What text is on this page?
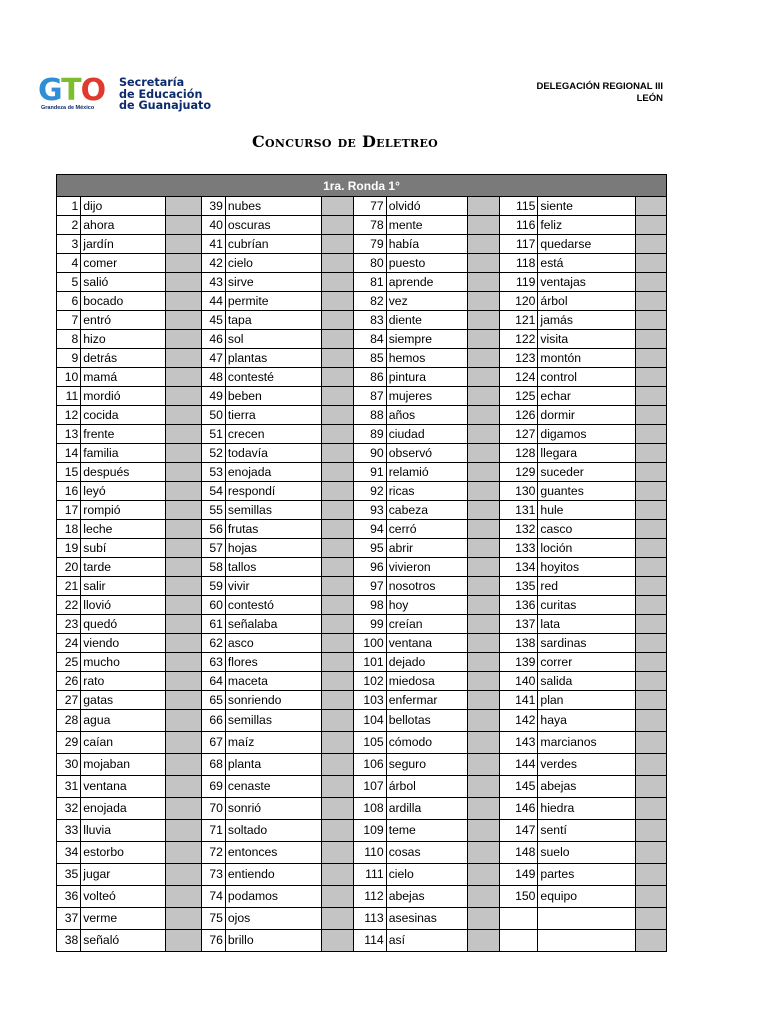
GTO
Grandeza de México
Secretaría
de Educación
de Guanajuato
DELEGACIÓN REGIONAL III
LEÓN
Concurso de Deletreo
1ra. Ronda 1°											
1	dijo		39	nubes		77	olvidó		115	siente	
2	ahora		40	oscuras		78	mente		116	feliz	
3	jardín		41	cubrían		79	había		117	quedarse	
4	comer		42	cielo		80	puesto		118	está	
5	salió		43	sirve		81	aprende		119	ventajas	
6	bocado		44	permite		82	vez		120	árbol	
7	entró		45	tapa		83	diente		121	jamás	
8	hizo		46	sol		84	siempre		122	visita	
9	detrás		47	plantas		85	hemos		123	montón	
10	mamá		48	contesté		86	pintura		124	control	
11	mordió		49	beben		87	mujeres		125	echar	
12	cocida		50	tierra		88	años		126	dormir	
13	frente		51	crecen		89	ciudad		127	digamos	
14	familia		52	todavía		90	observó		128	llegara	
15	después		53	enojada		91	relamió		129	suceder	
16	leyó		54	respondí		92	ricas		130	guantes	
17	rompió		55	semillas		93	cabeza		131	hule	
18	leche		56	frutas		94	cerró		132	casco	
19	subí		57	hojas		95	abrir		133	loción	
20	tarde		58	tallos		96	vivieron		134	hoyitos	
21	salir		59	vivir		97	nosotros		135	red	
22	llovió		60	contestó		98	hoy		136	curitas	
23	quedó		61	señalaba		99	creían		137	lata	
24	viendo		62	asco		100	ventana		138	sardinas	
25	mucho		63	flores		101	dejado		139	correr	
26	rato		64	maceta		102	miedosa		140	salida	
27	gatas		65	sonriendo		103	enfermar		141	plan	
28	agua		66	semillas		104	bellotas		142	haya	
29	caían		67	maíz		105	cómodo		143	marcianos	
30	mojaban		68	planta		106	seguro		144	verdes	
31	ventana		69	cenaste		107	árbol		145	abejas	
32	enojada		70	sonrió		108	ardilla		146	hiedra	
33	lluvia		71	soltado		109	teme		147	sentí	
34	estorbo		72	entonces		110	cosas		148	suelo	
35	jugar		73	entiendo		111	cielo		149	partes	
36	volteó		74	podamos		112	abejas		150	equipo	
37	verme		75	ojos		113	asesinas				
38	señaló		76	brillo		114	así				
